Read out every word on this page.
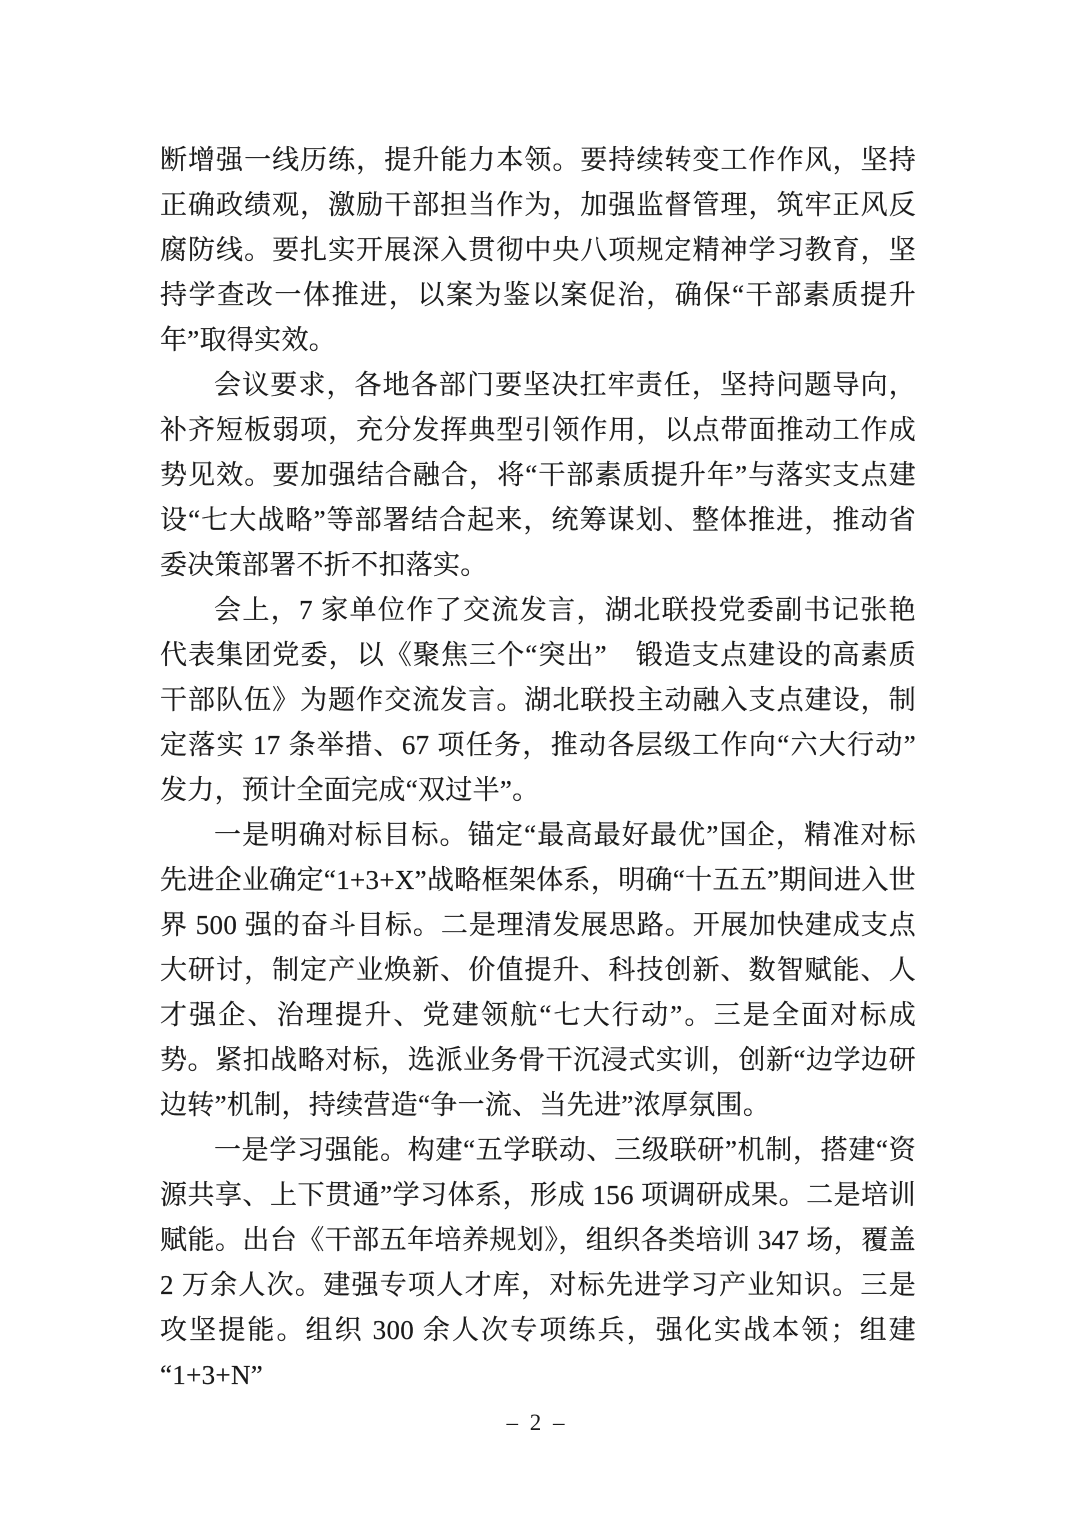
断增强一线历练，提升能力本领。要持续转变工作作风，坚持正确政绩观，激励干部担当作为，加强监督管理，筑牢正风反腐防线。要扎实开展深入贯彻中央八项规定精神学习教育，坚持学查改一体推进，以案为鉴以案促治，确保“干部素质提升年”取得实效。

会议要求，各地各部门要坚决扛牢责任，坚持问题导向，补齐短板弱项，充分发挥典型引领作用，以点带面推动工作成势见效。要加强结合融合，将“干部素质提升年”与落实支点建设“七大战略”等部署结合起来，统筹谋划、整体推进，推动省委决策部署不折不扣落实。

会上，7 家单位作了交流发言，湖北联投党委副书记张艳代表集团党委，以《聚焦三个“突出”　锻造支点建设的高素质干部队伍》为题作交流发言。湖北联投主动融入支点建设，制定落实 17 条举措、67 项任务，推动各层级工作向“六大行动”发力，预计全面完成“双过半”。

一是明确对标目标。锚定“最高最好最优”国企，精准对标先进企业确定“1+3+X”战略框架体系，明确“十五五”期间进入世界 500 强的奋斗目标。二是理清发展思路。开展加快建成支点大研讨，制定产业焕新、价值提升、科技创新、数智赋能、人才强企、治理提升、党建领航“七大行动”。三是全面对标成势。紧扣战略对标，选派业务骨干沉浸式实训，创新“边学边研边转”机制，持续营造“争一流、当先进”浓厚氛围。

一是学习强能。构建“五学联动、三级联研”机制，搭建“资源共享、上下贯通”学习体系，形成 156 项调研成果。二是培训赋能。出台《干部五年培养规划》，组织各类培训 347 场，覆盖 2 万余人次。建强专项人才库，对标先进学习产业知识。三是攻坚提能。组织 300 余人次专项练兵，强化实战本领；组建“1+3+N”

– 2 –
